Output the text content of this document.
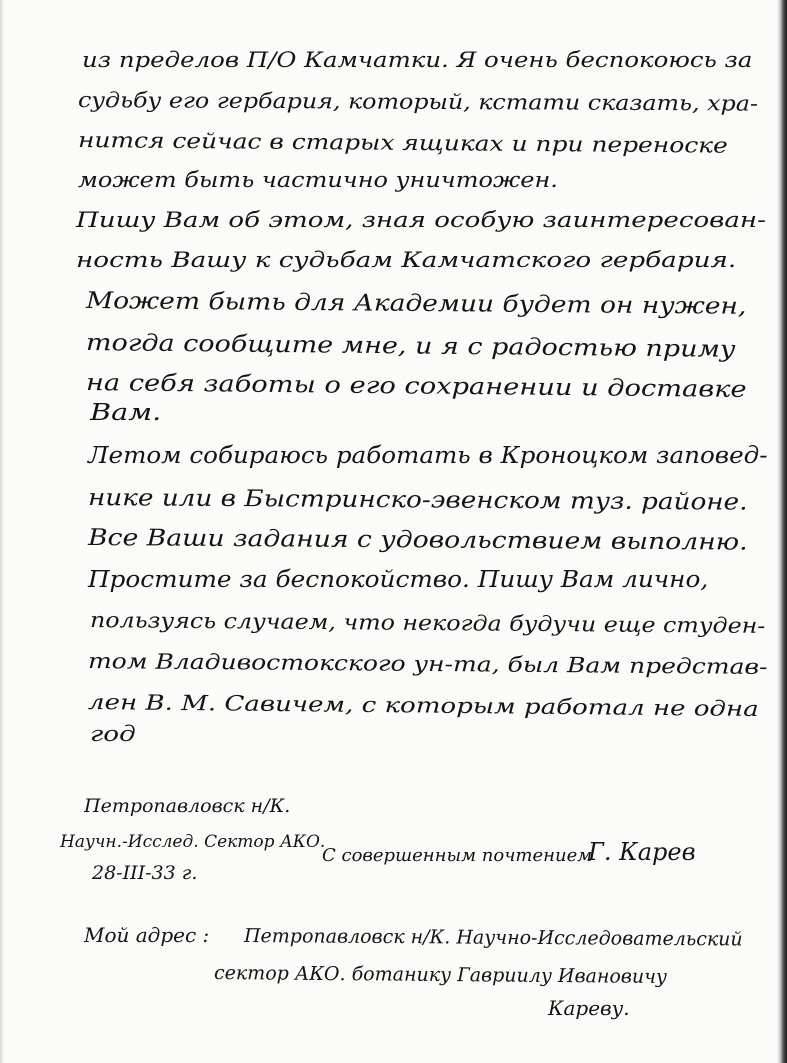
из пределов П/О Камчатки. Я очень беспокоюсь за
судьбу его гербария, который, кстати сказать, хра-
нится сейчас в старых ящиках и при переноске
может быть частично уничтожен.
Пишу Вам об этом, зная особую заинтересован-
ность Вашу к судьбам Камчатского гербария.
Может быть для Академии будет он нужен,
тогда сообщите мне, и я с радостью приму
на себя заботы о его сохранении и доставке
Вам.
Летом собираюсь работать в Кроноцком заповед-
нике или в Быстринско-эвенском туз. районе.
Все Ваши задания с удовольствием выполню.
Простите за беспокойство. Пишу Вам лично,
пользуясь случаем, что некогда будучи еще студен-
том Владивостокского ун-та, был Вам представ-
лен В. М. Савичем, с которым работал не одна
год
Петропавловск н/К.
Научн.-Исслед. Сектор АКО.
28-III-33 г.
С совершенным почтением
Г. Карев
Мой адрес : Петропавловск н/К. Научно-Исследовательский
сектор АКО. ботанику Гавриилу Ивановичу
Кареву.
